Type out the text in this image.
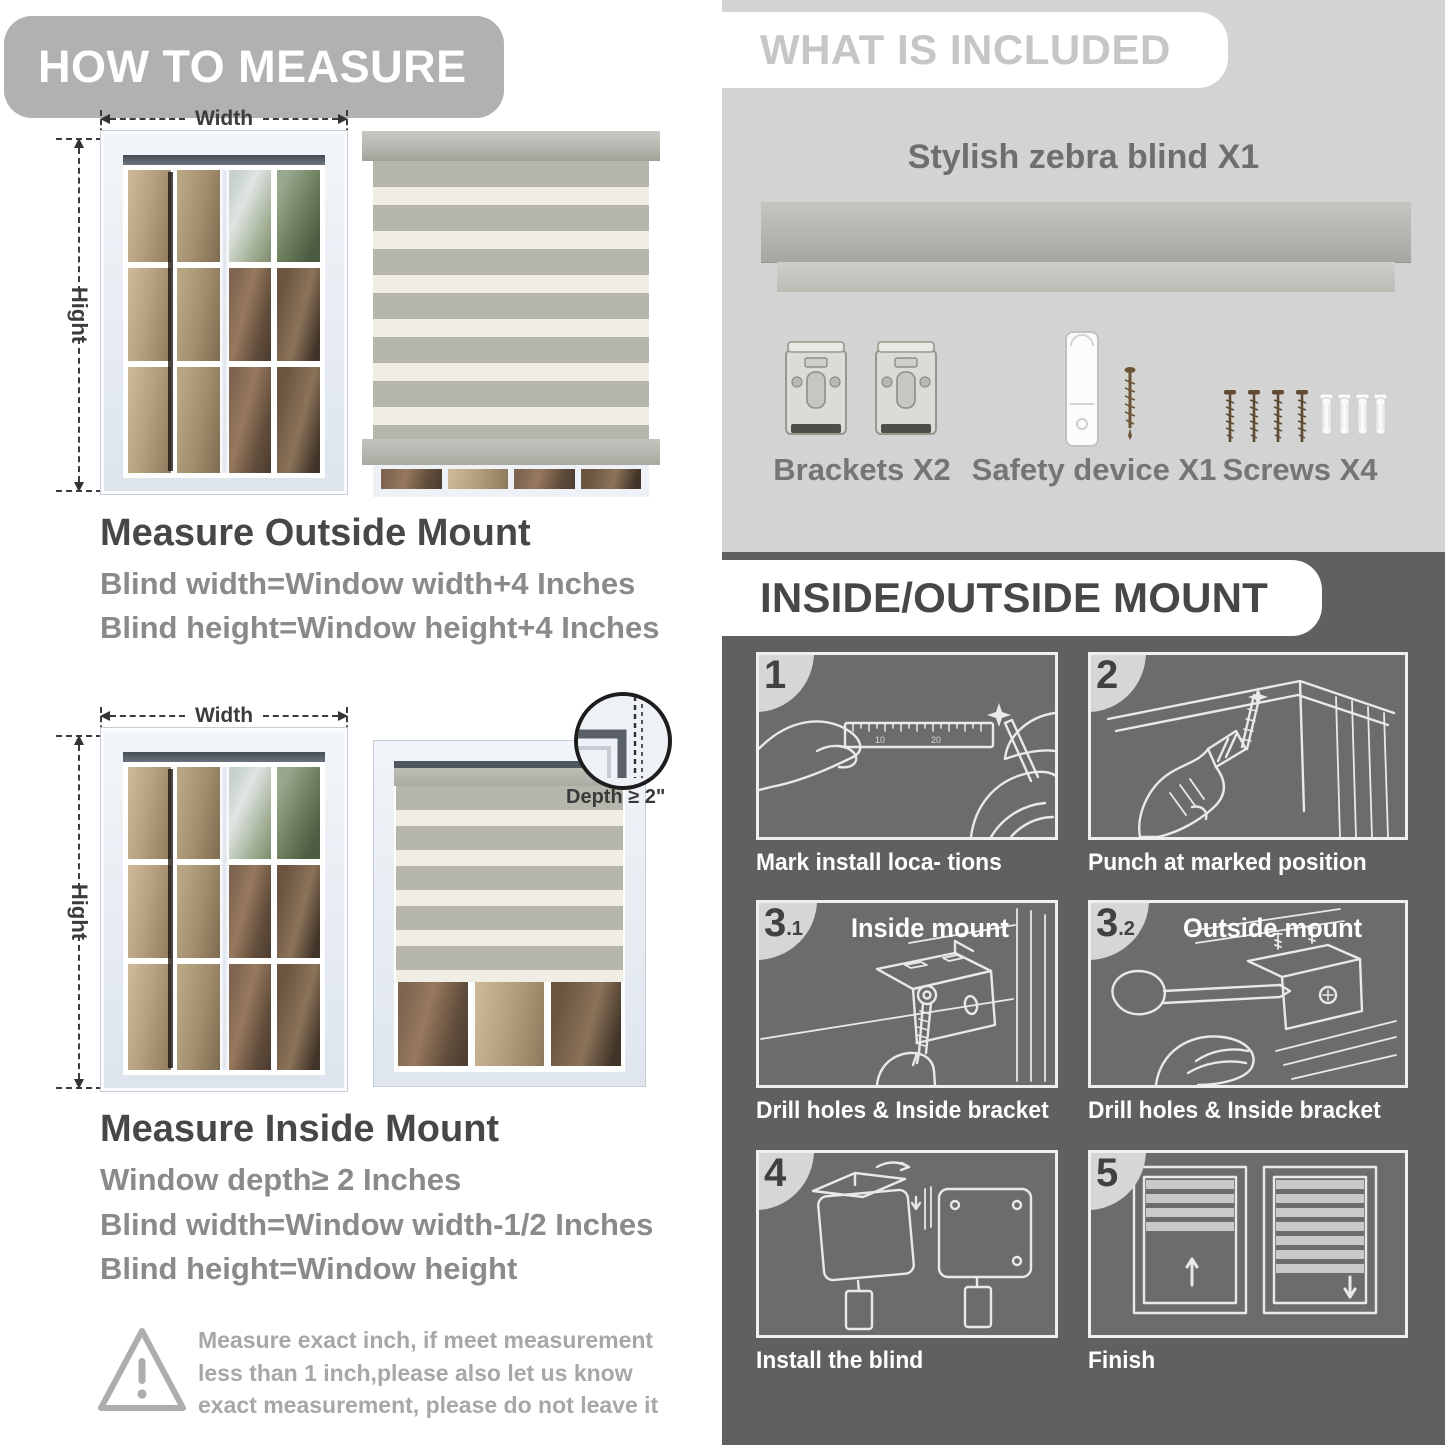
HOW TO MEASURE
Width
Hight
Measure Outside Mount
Blind width=Window width+4 Inches
Blind height=Window height+4 Inches
Width
Hight
Depth ≥ 2"
Measure Inside Mount
Window depth≥ 2 Inches
Blind width=Window width-1/2 Inches
Blind height=Window height
Measure exact inch, if meet measurement less than 1 inch,please also let us know exact measurement, please do not leave it
WHAT IS INCLUDED
Stylish zebra blind X1
Brackets X2 Safety device X1 Screws X4
INSIDE/OUTSIDE MOUNT
10	20
1
Mark install loca- tions
2
Punch at marked position
3 .1 Inside mount
Drill holes & Inside bracket
3 .2 Outside mount
Drill holes & Inside bracket
4
Install the blind
5
Finish
